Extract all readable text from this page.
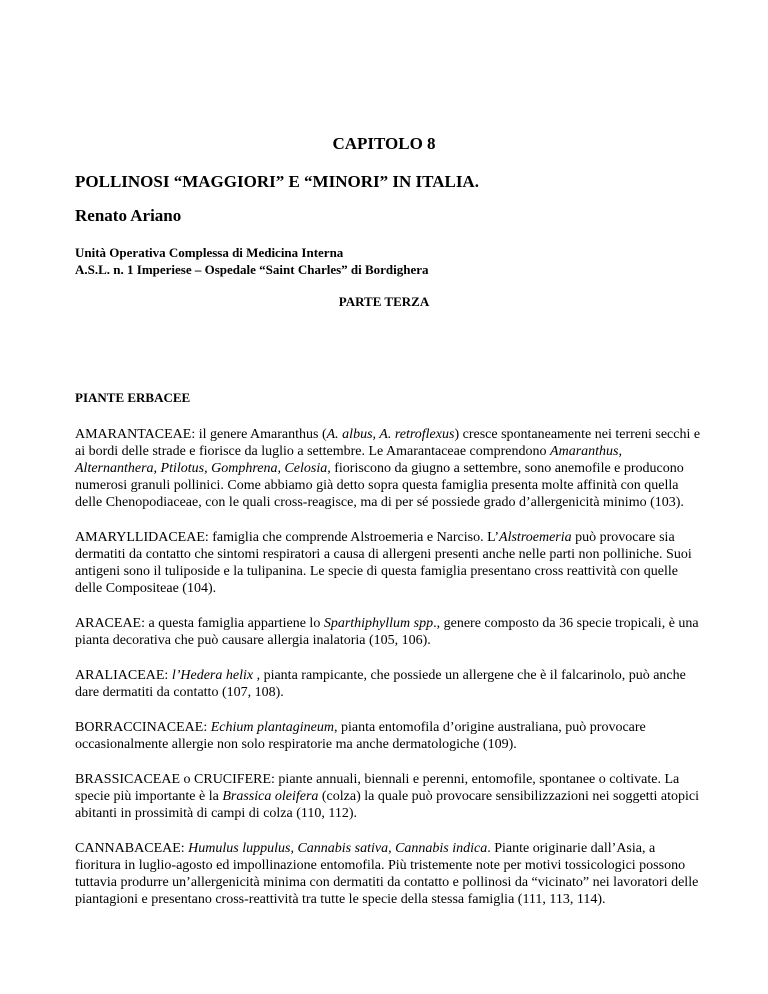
CAPITOLO 8
POLLINOSI “MAGGIORI” E “MINORI” IN ITALIA.
Renato Ariano
Unità Operativa Complessa di Medicina Interna
A.S.L. n. 1 Imperiese – Ospedale “Saint Charles” di Bordighera
PARTE TERZA
PIANTE ERBACEE

AMARANTACEAE: il genere Amaranthus (A. albus, A. retroflexus) cresce spontaneamente nei terreni secchi e ai bordi delle strade e fiorisce da luglio a settembre. Le Amarantaceae comprendono Amaranthus, Alternanthera, Ptilotus, Gomphrena, Celosia, fioriscono da giugno a settembre, sono anemofile e producono numerosi granuli pollinici. Come abbiamo già detto sopra questa famiglia presenta molte affinità con quella delle Chenopodiaceae, con le quali cross-reagisce, ma di per sé possiede grado d’allergenicità minimo (103).

AMARYLLIDACEAE: famiglia che comprende Alstroemeria e Narciso. L’Alstroemeria può provocare sia dermatiti da contatto che sintomi respiratori a causa di allergeni presenti anche nelle parti non polliniche. Suoi antigeni sono il tuliposide e la tulipanina. Le specie di questa famiglia presentano cross reattività con quelle delle Compositeae (104).

ARACEAE: a questa famiglia appartiene lo Sparthiphyllum spp., genere composto da 36 specie tropicali, è una pianta decorativa che può causare allergia inalatoria (105, 106).

ARALIACEAE: l’Hedera helix , pianta rampicante, che possiede un allergene che è il falcarinolo, può anche dare dermatiti da contatto (107, 108).

BORRACCINACEAE: Echium plantagineum, pianta entomofila d’origine australiana, può provocare occasionalmente allergie non solo respiratorie ma anche dermatologiche (109).

BRASSICACEAE o CRUCIFERE: piante annuali, biennali e perenni, entomofile, spontanee o coltivate. La specie più importante è la Brassica oleifera (colza) la quale può provocare sensibilizzazioni nei soggetti atopici abitanti in prossimità di campi di colza (110, 112).

CANNABACEAE: Humulus luppulus, Cannabis sativa, Cannabis indica. Piante originarie dall’Asia, a fioritura in luglio-agosto ed impollinazione entomofila. Più tristemente note per motivi tossicologici possono tuttavia produrre un’allergenicità minima con dermatiti da contatto e pollinosi da “vicinato” nei lavoratori delle piantagioni e presentano cross-reattività tra tutte le specie della stessa famiglia (111, 113, 114).
